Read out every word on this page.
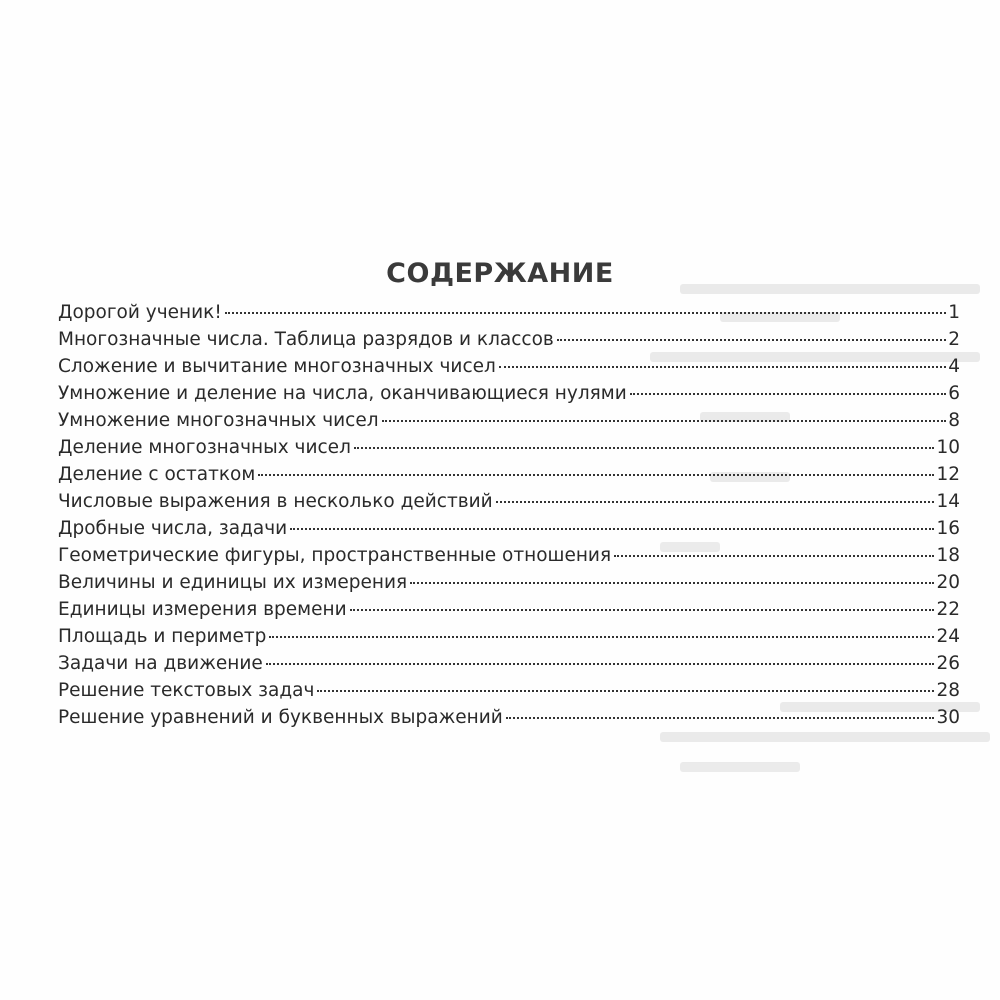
СОДЕРЖАНИЕ
Дорогой ученик!	1
Многозначные числа. Таблица разрядов и классов	2
Сложение и вычитание многозначных чисел	4
Умножение и деление на числа, оканчивающиеся нулями	6
Умножение многозначных чисел	8
Деление многозначных чисел	10
Деление с остатком	12
Числовые выражения в несколько действий	14
Дробные числа, задачи	16
Геометрические фигуры, пространственные отношения	18
Величины и единицы их измерения	20
Единицы измерения времени	22
Площадь и периметр	24
Задачи на движение	26
Решение текстовых задач	28
Решение уравнений и буквенных выражений	30
